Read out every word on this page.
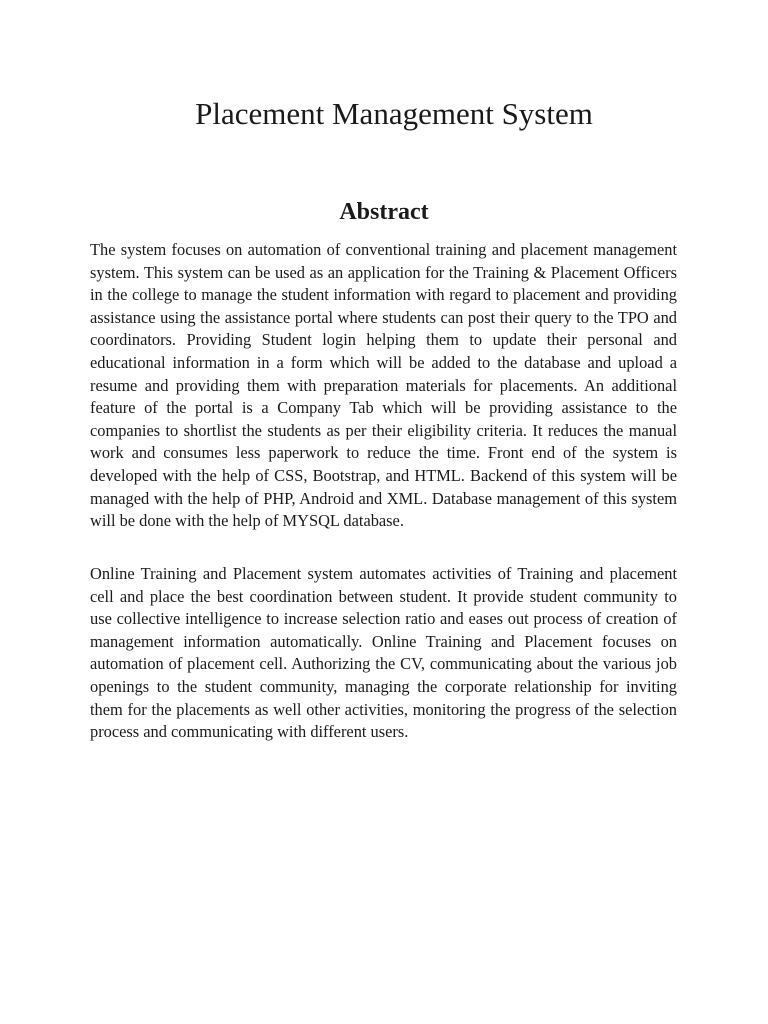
Placement Management System
Abstract

The system focuses on automation of conventional training and placement management system. This system can be used as an application for the Training & Placement Officers in the college to manage the student information with regard to placement and providing assistance using the assistance portal where students can post their query to the TPO and coordinators. Providing Student login helping them to update their personal and educational information in a form which will be added to the database and upload a resume and providing them with preparation materials for placements. An additional feature of the portal is a Company Tab which will be providing assistance to the companies to shortlist the students as per their eligibility criteria. It reduces the manual work and consumes less paperwork to reduce the time. Front end of the system is developed with the help of CSS, Bootstrap, and HTML. Backend of this system will be managed with the help of PHP, Android and XML. Database management of this system will be done with the help of MYSQL database.

Online Training and Placement system automates activities of Training and placement cell and place the best coordination between student. It provide student community to use collective intelligence to increase selection ratio and eases out process of creation of management information automatically. Online Training and Placement focuses on automation of placement cell. Authorizing the CV, communicating about the various job openings to the student community, managing the corporate relationship for inviting them for the placements as well other activities, monitoring the progress of the selection process and communicating with different users.
